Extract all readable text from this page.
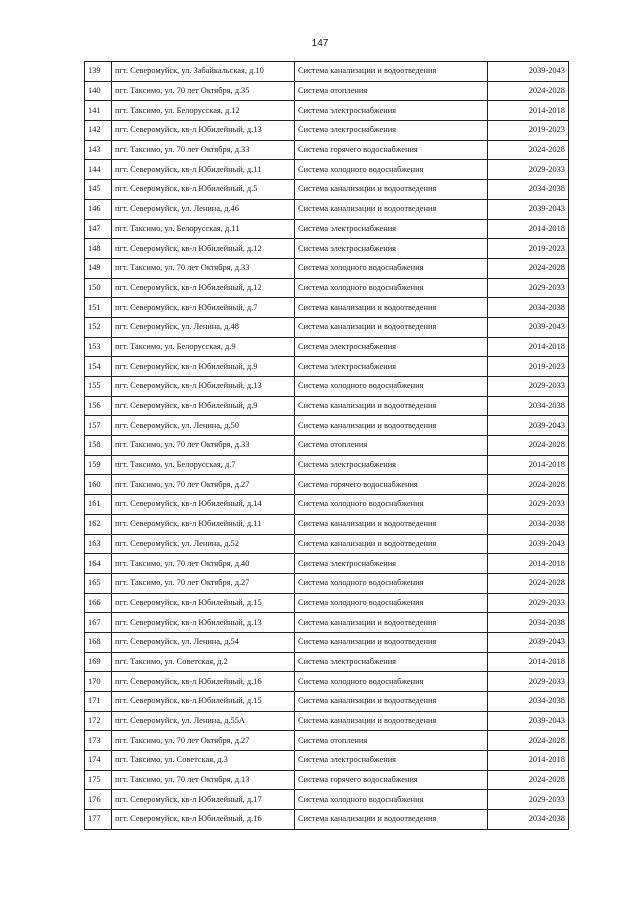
147
139	пгт. Северомуйск, ул. Забайкальская, д.10	Система канализации и водоотведения	2039-2043
140	пгт. Таксимо, ул. 70 лет Октября, д.35	Система отопления	2024-2028
141	пгт. Таксимо, ул. Белорусская, д.12	Система электроснабжения	2014-2018
142	пгт. Северомуйск, кв-л Юбилейный, д.13	Система электроснабжения	2019-2023
143	пгт. Таксимо, ул. 70 лет Октября, д.33	Система горячего водоснабжения	2024-2028
144	пгт. Северомуйск, кв-л Юбилейный, д.11	Система холодного водоснабжения	2029-2033
145	пгт. Северомуйск, кв-л Юбилейный, д.5	Система канализации и водоотведения	2034-2038
146	пгт. Северомуйск, ул. Ленина, д.46	Система канализации и водоотведения	2039-2043
147	пгт. Таксимо, ул. Белорусская, д.11	Система электроснабжения	2014-2018
148	пгт. Северомуйск, кв-л Юбилейный, д.12	Система электроснабжения	2019-2023
149	пгт. Таксимо, ул. 70 лет Октября, д.33	Система холодного водоснабжения	2024-2028
150	пгт. Северомуйск, кв-л Юбилейный, д.12	Система холодного водоснабжения	2029-2033
151	пгт. Северомуйск, кв-л Юбилейный, д.7	Система канализации и водоотведения	2034-2038
152	пгт. Северомуйск, ул. Ленина, д.48	Система канализации и водоотведения	2039-2043
153	пгт. Таксимо, ул. Белорусская, д.9	Система электроснабжения	2014-2018
154	пгт. Северомуйск, кв-л Юбилейный, д.9	Система электроснабжения	2019-2023
155	пгт. Северомуйск, кв-л Юбилейный, д.13	Система холодного водоснабжения	2029-2033
156	пгт. Северомуйск, кв-л Юбилейный, д.9	Система канализации и водоотведения	2034-2038
157	пгт. Северомуйск, ул. Ленина, д.50	Система канализации и водоотведения	2039-2043
158	пгт. Таксимо, ул. 70 лет Октября, д.33	Система отопления	2024-2028
159	пгт. Таксимо, ул. Белорусская, д.7	Система электроснабжения	2014-2018
160	пгт. Таксимо, ул. 70 лет Октября, д.27	Система горячего водоснабжения	2024-2028
161	пгт. Северомуйск, кв-л Юбилейный, д.14	Система холодного водоснабжения	2029-2033
162	пгт. Северомуйск, кв-л Юбилейный, д.11	Система канализации и водоотведения	2034-2038
163	пгт. Северомуйск, ул. Ленина, д.52	Система канализации и водоотведения	2039-2043
164	пгт. Таксимо, ул. 70 лет Октября, д.40	Система электроснабжения	2014-2018
165	пгт. Таксимо, ул. 70 лет Октября, д.27	Система холодного водоснабжения	2024-2028
166	пгт. Северомуйск, кв-л Юбилейный, д.15	Система холодного водоснабжения	2029-2033
167	пгт. Северомуйск, кв-л Юбилейный, д.13	Система канализации и водоотведения	2034-2038
168	пгт. Северомуйск, ул. Ленина, д.54	Система канализации и водоотведения	2039-2043
169	пгт. Таксимо, ул. Советская, д.2	Система электроснабжения	2014-2018
170	пгт. Северомуйск, кв-л Юбилейный, д.16	Система холодного водоснабжения	2029-2033
171	пгт. Северомуйск, кв-л Юбилейный, д.15	Система канализации и водоотведения	2034-2038
172	пгт. Северомуйск, ул. Ленина, д.55А	Система канализации и водоотведения	2039-2043
173	пгт. Таксимо, ул. 70 лет Октября, д.27	Система отопления	2024-2028
174	пгт. Таксимо, ул. Советская, д.3	Система электроснабжения	2014-2018
175	пгт. Таксимо, ул. 70 лет Октября, д.13	Система горячего водоснабжения	2024-2028
176	пгт. Северомуйск, кв-л Юбилейный, д.17	Система холодного водоснабжения	2029-2033
177	пгт. Северомуйск, кв-л Юбилейный, д.16	Система канализации и водоотведения	2034-2038
